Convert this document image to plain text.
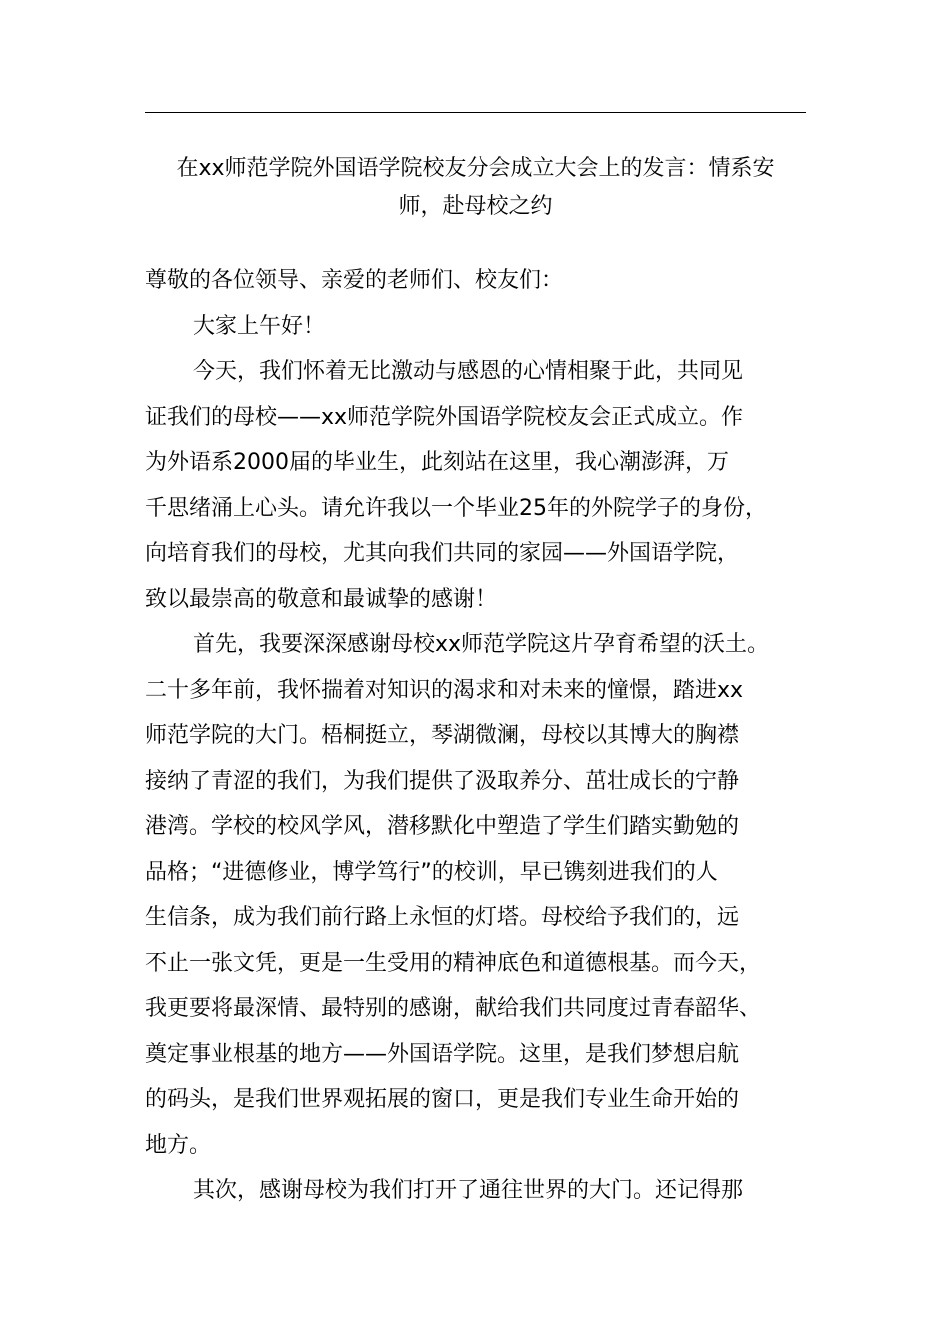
在xx师范学院外国语学院校友分会成立大会上的发言：情系安
师，赴母校之约

尊敬的各位领导、亲爱的老师们、校友们：

大家上午好！

今天，我们怀着无比激动与感恩的心情相聚于此，共同见
证我们的母校——xx师范学院外国语学院校友会正式成立。作
为外语系2000届的毕业生，此刻站在这里，我心潮澎湃，万
千思绪涌上心头。请允许我以一个毕业25年的外院学子的身份，
向培育我们的母校，尤其向我们共同的家园——外国语学院，
致以最崇高的敬意和最诚挚的感谢！

首先，我要深深感谢母校xx师范学院这片孕育希望的沃土。
二十多年前，我怀揣着对知识的渴求和对未来的憧憬，踏进xx
师范学院的大门。梧桐挺立，琴湖微澜，母校以其博大的胸襟
接纳了青涩的我们，为我们提供了汲取养分、茁壮成长的宁静
港湾。学校的校风学风，潜移默化中塑造了学生们踏实勤勉的
品格；“进德修业，博学笃行”的校训，早已镌刻进我们的人
生信条，成为我们前行路上永恒的灯塔。母校给予我们的，远
不止一张文凭，更是一生受用的精神底色和道德根基。而今天，
我更要将最深情、最特别的感谢，献给我们共同度过青春韶华、
奠定事业根基的地方——外国语学院。这里，是我们梦想启航
的码头，是我们世界观拓展的窗口，更是我们专业生命开始的
地方。

其次，感谢母校为我们打开了通往世界的大门。还记得那
